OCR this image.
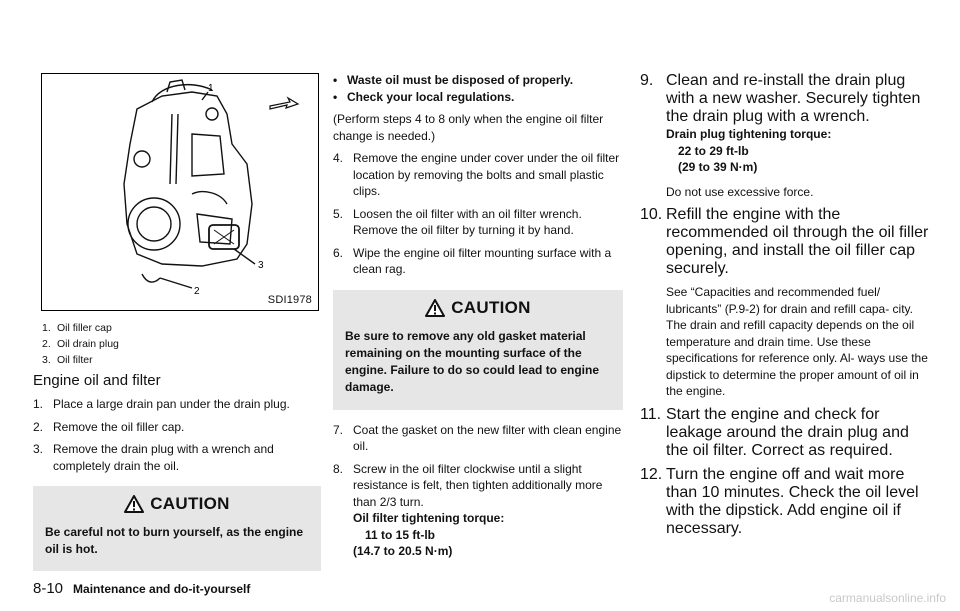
1
3
2
SDI1978
1. Oil filler cap
2. Oil drain plug
3. Oil filter
Engine oil and filter
1. Place a large drain pan under the drain plug.
2. Remove the oil filler cap.
3. Remove the drain plug with a wrench and completely drain the oil.
CAUTION
Be careful not to burn yourself, as the engine oil is hot.
• Waste oil must be disposed of properly.
• Check your local regulations.

(Perform steps 4 to 8 only when the engine oil filter change is needed.)

4. Remove the engine under cover under the oil filter location by removing the bolts and small plastic clips.
5. Loosen the oil filter with an oil filter wrench. Remove the oil filter by turning it by hand.
6. Wipe the engine oil filter mounting surface with a clean rag.
CAUTION
Be sure to remove any old gasket material remaining on the mounting surface of the engine. Failure to do so could lead to engine damage.
7. Coat the gasket on the new filter with clean engine oil.
8. Screw in the oil filter clockwise until a slight resistance is felt, then tighten additionally more than 2/3 turn.
Oil filter tightening torque:
11 to 15 ft-lb
(14.7 to 20.5 N·m)
9. Clean and re-install the drain plug with a new washer. Securely tighten the drain plug with a wrench.
Drain plug tightening torque:
22 to 29 ft-lb
(29 to 39 N·m)

Do not use excessive force.

10. Refill the engine with the recommended oil through the oil filler opening, and install the oil filler cap securely.

See “Capacities and recommended fuel/ lubricants” (P.9-2) for drain and refill capa- city. The drain and refill capacity depends on the oil temperature and drain time. Use these specifications for reference only. Al- ways use the dipstick to determine the proper amount of oil in the engine.

11. Start the engine and check for leakage around the drain plug and the oil filter. Correct as required.
12. Turn the engine off and wait more than 10 minutes. Check the oil level with the dipstick. Add engine oil if necessary.
8-10 Maintenance and do-it-yourself
carmanualsonline.info
